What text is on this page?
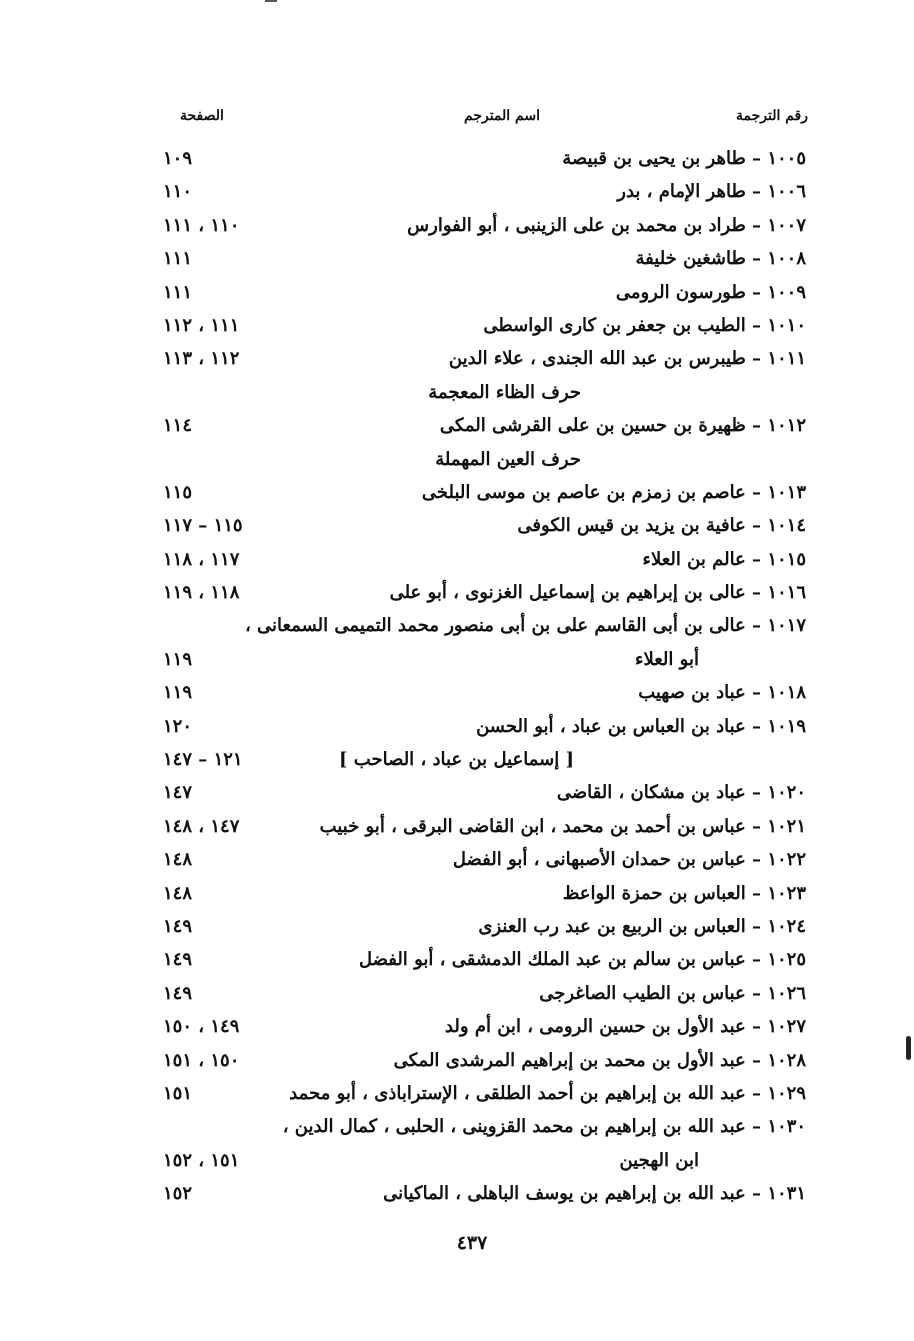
رقم الترجمة
اسم المترجم
الصفحة
١٠٠٥ – طاهر بن يحيى بن قبيصة
١٠٩
١٠٠٦ – طاهر الإمام ، بدر
١١٠
١٠٠٧ – طراد بن محمد بن على الزينبى ، أبو الفوارس
١١٠ ، ١١١
١٠٠٨ – طاشغين خليفة
١١١
١٠٠٩ – طورسون الرومى
١١١
١٠١٠ – الطيب بن جعفر بن كارى الواسطى
١١١ ، ١١٢
١٠١١ – طيبرس بن عبد الله الجندى ، علاء الدين
١١٢ ، ١١٣
حرف الظاء المعجمة
١٠١٢ – ظهيرة بن حسين بن على القرشى المكى
١١٤
حرف العين المهملة
١٠١٣ – عاصم بن زمزم بن عاصم بن موسى البلخى
١١٥
١٠١٤ – عافية بن يزيد بن قيس الكوفى
١١٥ – ١١٧
١٠١٥ – عالم بن العلاء
١١٧ ، ١١٨
١٠١٦ – عالى بن إبراهيم بن إسماعيل الغزنوى ، أبو على
١١٨ ، ١١٩
١٠١٧ – عالى بن أبى القاسم على بن أبى منصور محمد التميمى السمعانى ،
أبو العلاء
١١٩
١٠١٨ – عباد بن صهيب
١١٩
١٠١٩ – عباد بن العباس بن عباد ، أبو الحسن
١٢٠
[ إسماعيل بن عباد ، الصاحب ]
١٢١ – ١٤٧
١٠٢٠ – عباد بن مشكان ، القاضى
١٤٧
١٠٢١ – عباس بن أحمد بن محمد ، ابن القاضى البرقى ، أبو خبيب
١٤٧ ، ١٤٨
١٠٢٢ – عباس بن حمدان الأصبهانى ، أبو الفضل
١٤٨
١٠٢٣ – العباس بن حمزة الواعظ
١٤٨
١٠٢٤ – العباس بن الربيع بن عبد رب العنزى
١٤٩
١٠٢٥ – عباس بن سالم بن عبد الملك الدمشقى ، أبو الفضل
١٤٩
١٠٢٦ – عباس بن الطيب الصاغرجى
١٤٩
١٠٢٧ – عبد الأول بن حسين الرومى ، ابن أم ولد
١٤٩ ، ١٥٠
١٠٢٨ – عبد الأول بن محمد بن إبراهيم المرشدى المكى
١٥٠ ، ١٥١
١٠٢٩ – عبد الله بن إبراهيم بن أحمد الطلقى ، الإستراباذى ، أبو محمد
١٥١
١٠٣٠ – عبد الله بن إبراهيم بن محمد القزوينى ، الحلبى ، كمال الدين ،
ابن الهجين
١٥١ ، ١٥٢
١٠٣١ – عبد الله بن إبراهيم بن يوسف الباهلى ، الماكيانى
١٥٢
٤٣٧
